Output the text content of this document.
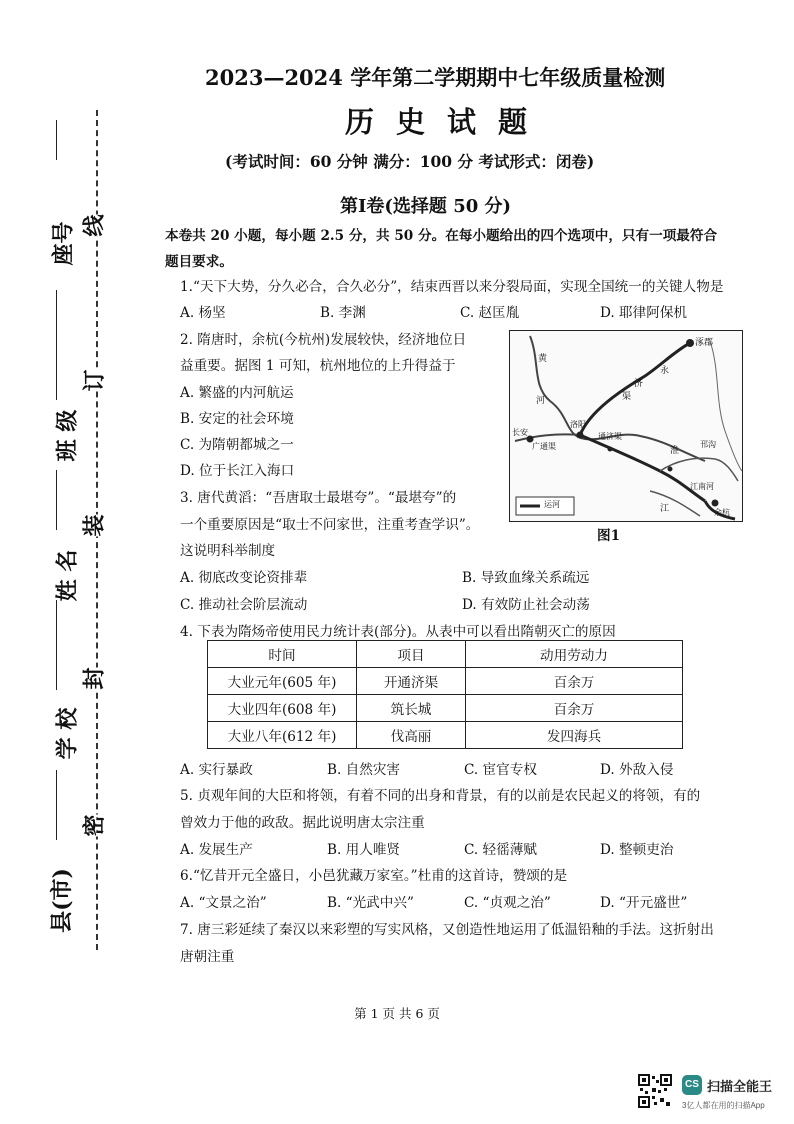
座号
班 级
姓 名
学 校
县(市)
线
订
装
封
密
2023—2024 学年第二学期期中七年级质量检测
历史试题
(考试时间：60 分钟 满分：100 分 考试形式：闭卷)
第Ⅰ卷(选择题 50 分)
本卷共 20 小题，每小题 2.5 分，共 50 分。在每小题给出的四个选项中，只有一项最符合
题目要求。
1.“天下大势，分久必合，合久必分”，结束西晋以来分裂局面，实现全国统一的关键人物是
A. 杨坚	B. 李渊	C. 赵匡胤	D. 耶律阿保机
2. 隋唐时，余杭(今杭州)发展较快，经济地位日
益重要。据图 1 可知，杭州地位的上升得益于
A. 繁盛的内河航运
B. 安定的社会环境
C. 为隋朝都城之一
D. 位于长江入海口
涿郡
黄
河
永
济
渠
洛阳
长安
广通渠
通济渠
淮
邗沟
江南河
江	余杭
运河
图1
3. 唐代黄滔：“吾唐取士最堪夸”。“最堪夸”的
一个重要原因是“取士不问家世，注重考查学识”。
这说明科举制度
A. 彻底改变论资排辈	B. 导致血缘关系疏远
C. 推动社会阶层流动	D. 有效防止社会动荡
4. 下表为隋炀帝使用民力统计表(部分)。从表中可以看出隋朝灭亡的原因
时间	项目	动用劳动力
大业元年(605 年)	开通济渠	百余万
大业四年(608 年)	筑长城	百余万
大业八年(612 年)	伐高丽	发四海兵
A. 实行暴政	B. 自然灾害	C. 宦官专权	D. 外敌入侵
5. 贞观年间的大臣和将领，有着不同的出身和背景，有的以前是农民起义的将领，有的
曾效力于他的政敌。据此说明唐太宗注重
A. 发展生产	B. 用人唯贤	C. 轻徭薄赋	D. 整顿吏治
6.“忆昔开元全盛日，小邑犹藏万家室。”杜甫的这首诗，赞颂的是
A. “文景之治”	B. “光武中兴”	C. “贞观之治”	D. “开元盛世”
7. 唐三彩延续了秦汉以来彩塑的写实风格，又创造性地运用了低温铅釉的手法。这折射出
唐朝注重
第 1 页 共 6 页
CS 扫描全能王
3亿人都在用的扫描App
